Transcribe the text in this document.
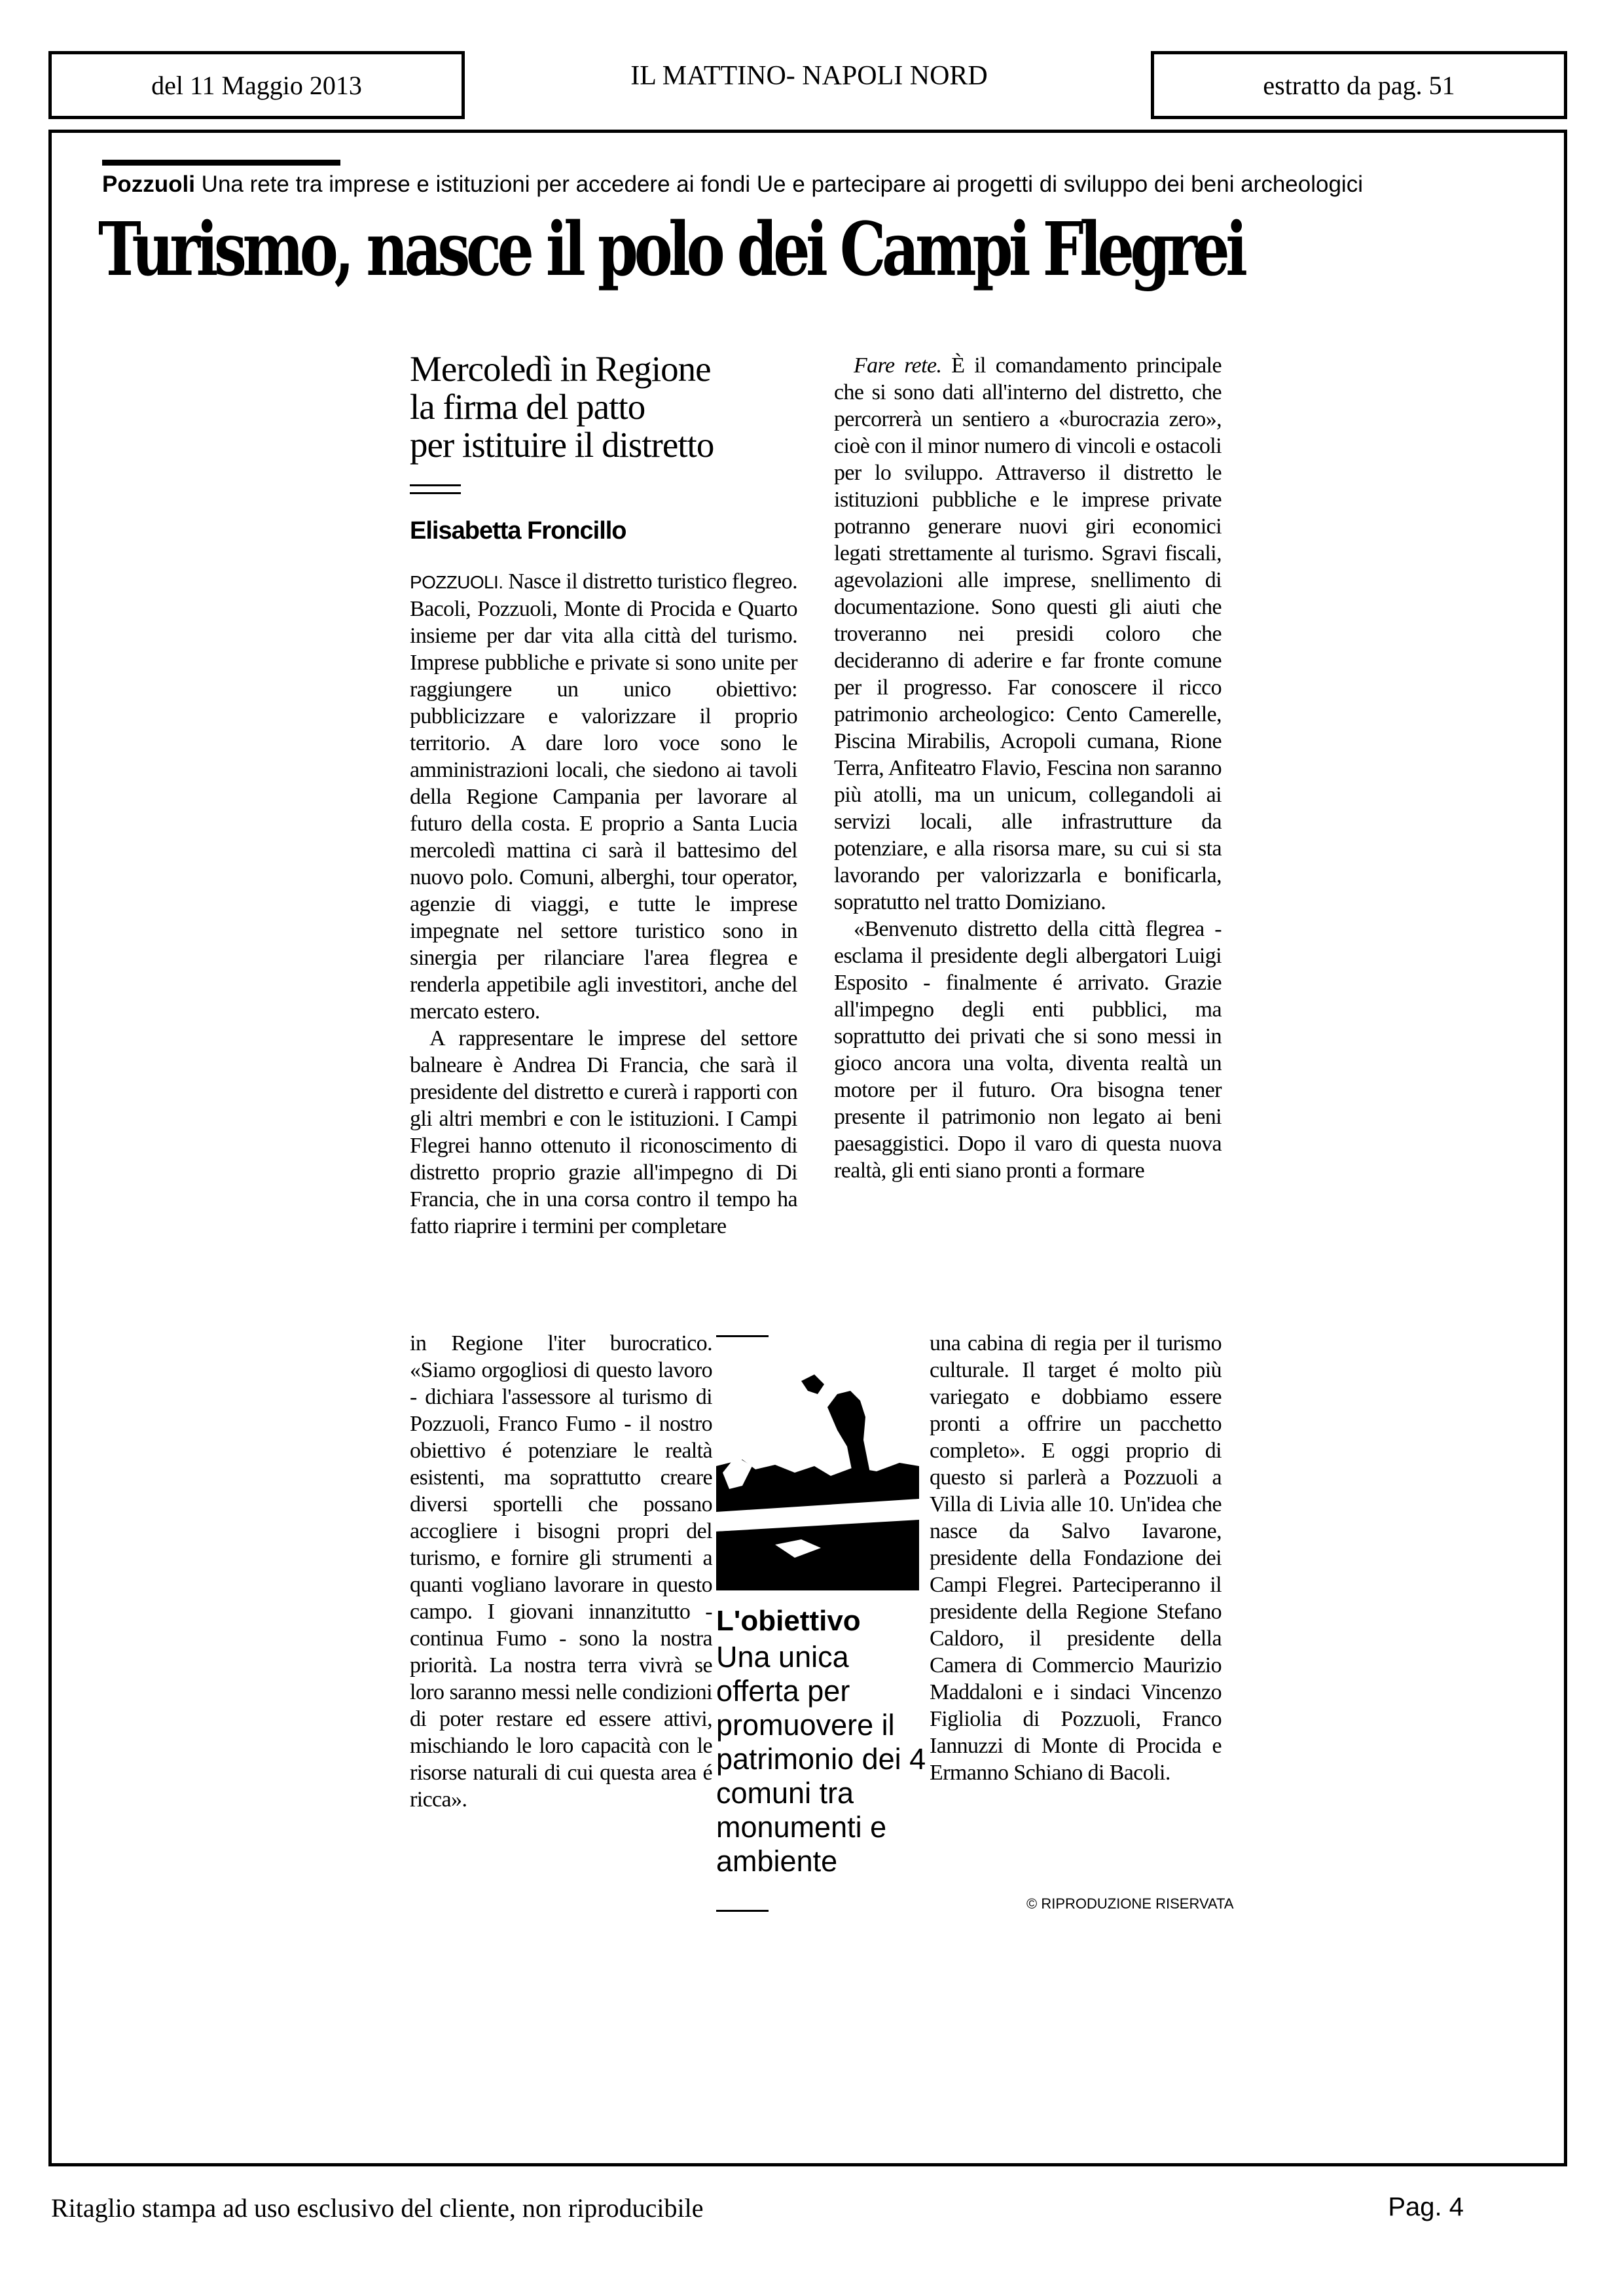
del 11 Maggio 2013	IL MATTINO- NAPOLI NORD	estratto da pag. 51
Pozzuoli Una rete tra imprese e istituzioni per accedere ai fondi Ue e partecipare ai progetti di sviluppo dei beni archeologici
Turismo, nasce il polo dei Campi Flegrei
Mercoledì in Regione
la firma del patto
per istituire il distretto
Elisabetta Froncillo

POZZUOLI. Nasce il distretto turistico flegreo. Bacoli, Pozzuoli, Monte di Procida e Quarto insieme per dar vita alla città del turismo. Imprese pubbliche e private si sono unite per raggiungere un unico obiettivo: pubblicizzare e valorizzare il proprio territorio. A dare loro voce sono le amministrazioni locali, che siedono ai tavoli della Regione Campania per lavorare al futuro della costa. E proprio a Santa Lucia mercoledì mattina ci sarà il battesimo del nuovo polo. Comuni, alberghi, tour operator, agenzie di viaggi, e tutte le imprese impegnate nel settore turistico sono in sinergia per rilanciare l'area flegrea e renderla appetibile agli investitori, anche del mercato estero.

A rappresentare le imprese del settore balneare è Andrea Di Francia, che sarà il presidente del distretto e curerà i rapporti con gli altri membri e con le istituzioni. I Campi Flegrei hanno ottenuto il riconoscimento di distretto proprio grazie all'impegno di Di Francia, che in una corsa contro il tempo ha fatto riaprire i termini per completare

in Regione l'iter burocratico. «Siamo orgogliosi di questo lavoro - dichiara l'assessore al turismo di Pozzuoli, Franco Fumo - il nostro obiettivo é potenziare le realtà esistenti, ma soprattutto creare diversi sportelli che possano accogliere i bisogni propri del turismo, e fornire gli strumenti a quanti vogliano lavorare in questo campo. I giovani innanzitutto - continua Fumo - sono la nostra priorità. La nostra terra vivrà se loro saranno messi nelle condizioni di poter restare ed essere attivi, mischiando le loro capacità con le risorse naturali di cui questa area é ricca».

Fare rete. È il comandamento principale che si sono dati all'interno del distretto, che percorrerà un sentiero a «burocrazia zero», cioè con il minor numero di vincoli e ostacoli per lo sviluppo. Attraverso il distretto le istituzioni pubbliche e le imprese private potranno generare nuovi giri economici legati strettamente al turismo. Sgravi fiscali, agevolazioni alle imprese, snellimento di documentazione. Sono questi gli aiuti che troveranno nei presidi coloro che decideranno di aderire e far fronte comune per il progresso. Far conoscere il ricco patrimonio archeologico: Cento Camerelle, Piscina Mirabilis, Acropoli cumana, Rione Terra, Anfiteatro Flavio, Fescina non saranno più atolli, ma un unicum, collegandoli ai servizi locali, alle infrastrutture da potenziare, e alla risorsa mare, su cui si sta lavorando per valorizzarla e bonificarla, sopratutto nel tratto Domiziano.

«Benvenuto distretto della città flegrea - esclama il presidente degli albergatori Luigi Esposito - finalmente é arrivato. Grazie all'impegno degli enti pubblici, ma soprattutto dei privati che si sono messi in gioco ancora una volta, diventa realtà un motore per il futuro. Ora bisogna tener presente il patrimonio non legato ai beni paesaggistici. Dopo il varo di questa nuova realtà, gli enti siano pronti a formare

una cabina di regia per il turismo culturale. Il target é molto più variegato e dobbiamo essere pronti a offrire un pacchetto completo». E oggi proprio di questo si parlerà a Pozzuoli a Villa di Livia alle 10. Un'idea che nasce da Salvo Iavarone, presidente della Fondazione dei Campi Flegrei. Parteciperanno il presidente della Regione Stefano Caldoro, il presidente della Camera di Commercio Maurizio Maddaloni e i sindaci Vincenzo Figliolia di Pozzuoli, Franco Iannuzzi di Monte di Procida e Ermanno Schiano di Bacoli.

L'obiettivo
Una unica offerta per promuovere il patrimonio dei 4 comuni tra monumenti e ambiente
© RIPRODUZIONE RISERVATA
Ritaglio stampa ad uso esclusivo del cliente, non riproducibile	Pag. 4
